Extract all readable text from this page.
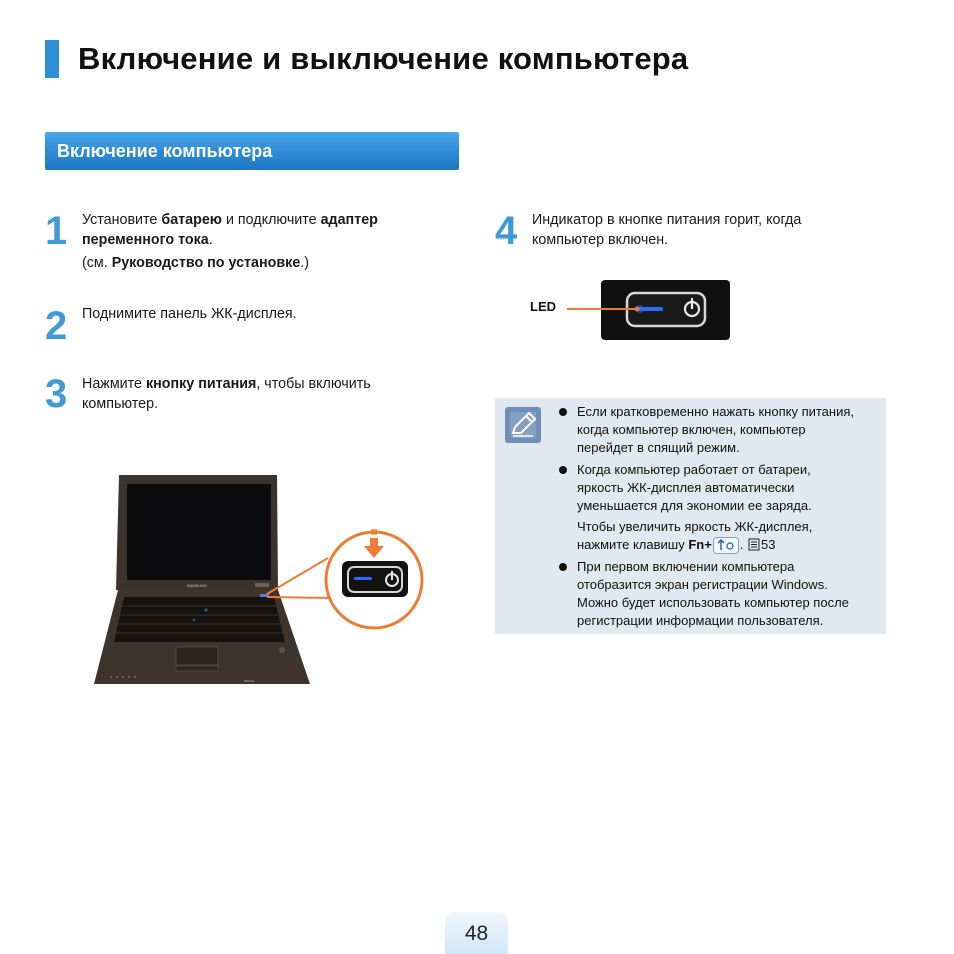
Включение и выключение компьютера
Включение компьютера
1 Установите батарею и подключите адаптер
переменного тока.
(см. Руководство по установке.)
2 Поднимите панель ЖК-дисплея.
3 Нажмите кнопку питания, чтобы включить
компьютер.
4 Индикатор в кнопке питания горит, когда
компьютер включен.
SAMSUNG
LED
Если кратковременно нажать кнопку питания,
когда компьютер включен, компьютер
перейдет в спящий режим.
Когда компьютер работает от батареи,
яркость ЖК-дисплея автоматически
уменьшается для экономии ее заряда.
Чтобы увеличить яркость ЖК-дисплея,
нажмите клавишу Fn+ . 53
При первом включении компьютера
отобразится экран регистрации Windows.
Можно будет использовать компьютер после
регистрации информации пользователя.
48
